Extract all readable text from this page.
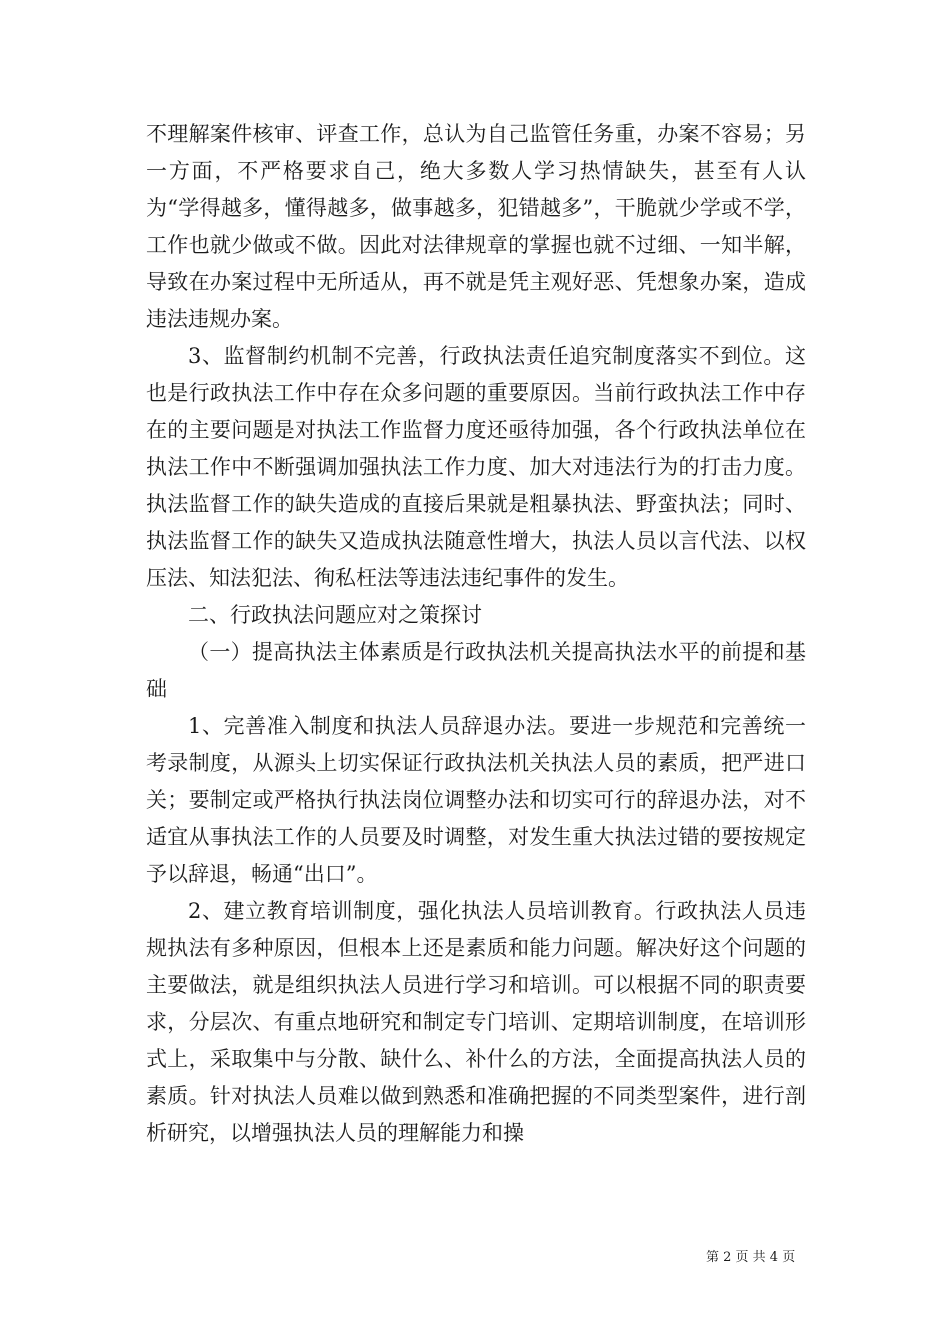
不理解案件核审、评查工作，总认为自己监管任务重，办案不容易；另一方面，不严格要求自己，绝大多数人学习热情缺失，甚至有人认为“学得越多，懂得越多，做事越多，犯错越多”，干脆就少学或不学，工作也就少做或不做。因此对法律规章的掌握也就不过细、一知半解，导致在办案过程中无所适从，再不就是凭主观好恶、凭想象办案，造成违法违规办案。

3、监督制约机制不完善，行政执法责任追究制度落实不到位。这也是行政执法工作中存在众多问题的重要原因。当前行政执法工作中存在的主要问题是对执法工作监督力度还亟待加强，各个行政执法单位在执法工作中不断强调加强执法工作力度、加大对违法行为的打击力度。执法监督工作的缺失造成的直接后果就是粗暴执法、野蛮执法；同时、执法监督工作的缺失又造成执法随意性增大，执法人员以言代法、以权压法、知法犯法、徇私枉法等违法违纪事件的发生。

二、行政执法问题应对之策探讨

（一）提高执法主体素质是行政执法机关提高执法水平的前提和基础

1、完善准入制度和执法人员辞退办法。要进一步规范和完善统一考录制度，从源头上切实保证行政执法机关执法人员的素质，把严进口关；要制定或严格执行执法岗位调整办法和切实可行的辞退办法，对不适宜从事执法工作的人员要及时调整，对发生重大执法过错的要按规定予以辞退，畅通“出口”。

2、建立教育培训制度，强化执法人员培训教育。行政执法人员违规执法有多种原因，但根本上还是素质和能力问题。解决好这个问题的主要做法，就是组织执法人员进行学习和培训。可以根据不同的职责要求，分层次、有重点地研究和制定专门培训、定期培训制度，在培训形式上，采取集中与分散、缺什么、补什么的方法，全面提高执法人员的素质。针对执法人员难以做到熟悉和准确把握的不同类型案件，进行剖析研究，以增强执法人员的理解能力和操

第 2 页 共 4 页
